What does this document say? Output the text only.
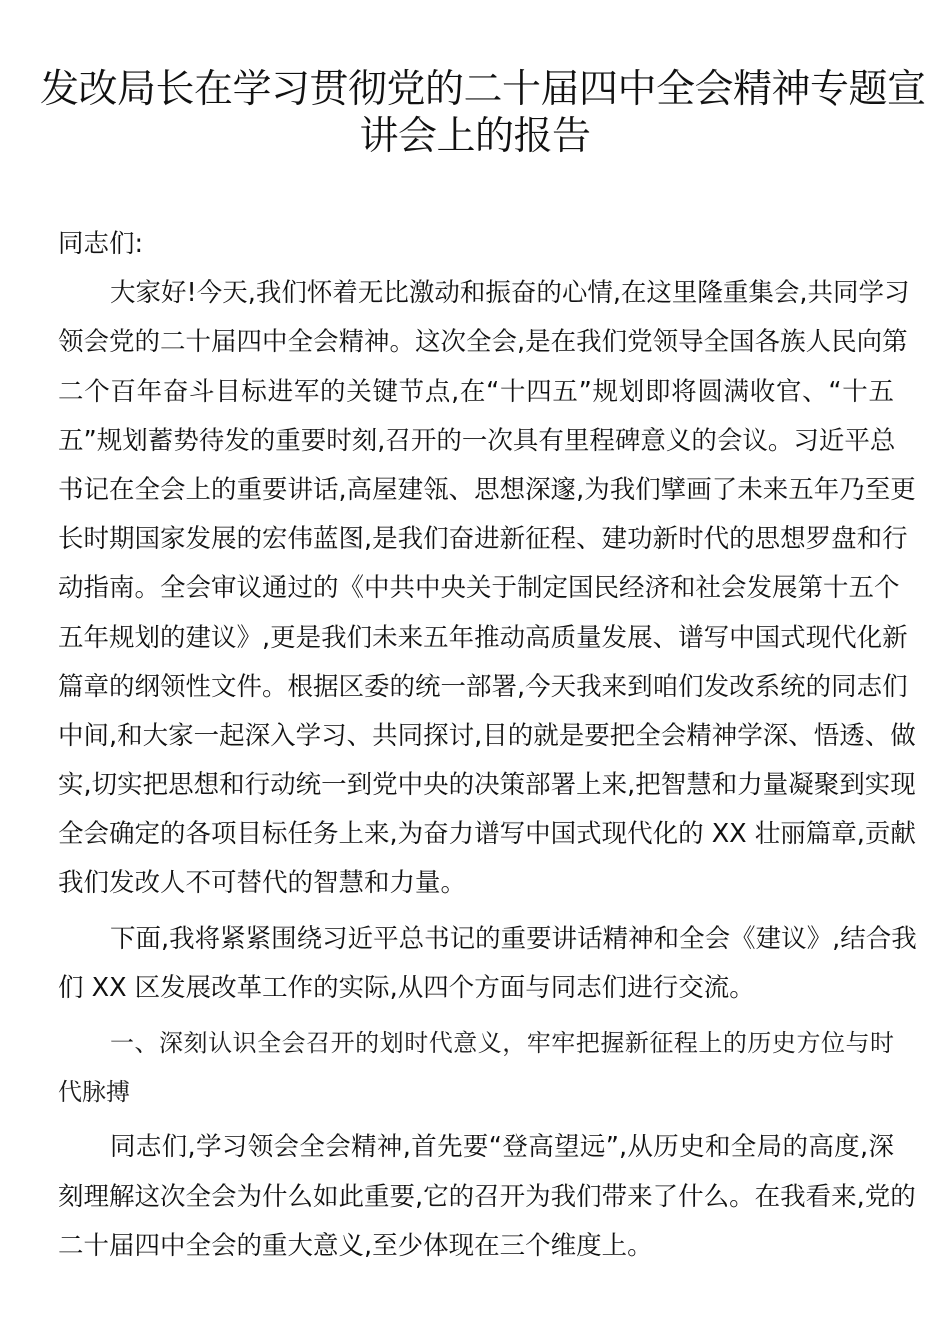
发改局长在学习贯彻党的二十届四中全会精神专题宣
讲会上的报告

同志们:

大家好!今天,我们怀着无比激动和振奋的心情,在这里隆重集会,共同学习
领会党的二十届四中全会精神。这次全会,是在我们党领导全国各族人民向第
二个百年奋斗目标进军的关键节点,在“十四五”规划即将圆满收官、“十五
五”规划蓄势待发的重要时刻,召开的一次具有里程碑意义的会议。习近平总
书记在全会上的重要讲话,高屋建瓴、思想深邃,为我们擘画了未来五年乃至更
长时期国家发展的宏伟蓝图,是我们奋进新征程、建功新时代的思想罗盘和行
动指南。全会审议通过的《中共中央关于制定国民经济和社会发展第十五个
五年规划的建议》,更是我们未来五年推动高质量发展、谱写中国式现代化新
篇章的纲领性文件。根据区委的统一部署,今天我来到咱们发改系统的同志们
中间,和大家一起深入学习、共同探讨,目的就是要把全会精神学深、悟透、做
实,切实把思想和行动统一到党中央的决策部署上来,把智慧和力量凝聚到实现
全会确定的各项目标任务上来,为奋力谱写中国式现代化的 XX 壮丽篇章,贡献
我们发改人不可替代的智慧和力量。

下面,我将紧紧围绕习近平总书记的重要讲话精神和全会《建议》,结合我
们 XX 区发展改革工作的实际,从四个方面与同志们进行交流。

一、深刻认识全会召开的划时代意义，牢牢把握新征程上的历史方位与时
代脉搏

同志们,学习领会全会精神,首先要“登高望远”,从历史和全局的高度,深
刻理解这次全会为什么如此重要,它的召开为我们带来了什么。在我看来,党的
二十届四中全会的重大意义,至少体现在三个维度上。
